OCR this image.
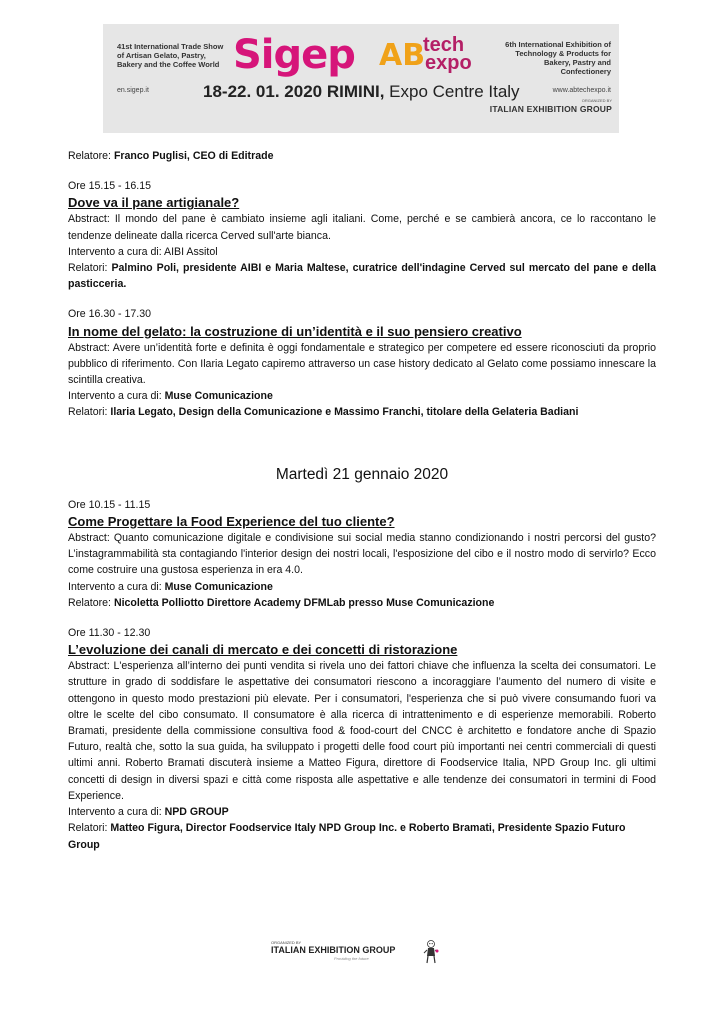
41st International Trade Show of Artisan Gelato, Pastry, Bakery and the Coffee World
en.sigep.it
Sigep AB
tech
expo
18-22. 01. 2020 RIMINI, Expo Centre Italy
6th International Exhibition of Technology & Products for Bakery, Pastry and Confectionery
www.abtechexpo.it
ORGANIZED BY
ITALIAN EXHIBITION GROUP

Relatore: Franco Puglisi, CEO di Editrade

Ore 15.15 - 16.15

Dove va il pane artigianale?

Abstract: Il mondo del pane è cambiato insieme agli italiani. Come, perché e se cambierà ancora, ce lo raccontano le tendenze delineate dalla ricerca Cerved sull'arte bianca.

Intervento a cura di: AIBI Assitol

Relatori: Palmino Poli, presidente AIBI e Maria Maltese, curatrice dell'indagine Cerved sul mercato del pane e della pasticceria.

Ore 16.30 - 17.30

In nome del gelato: la costruzione di un’identità e il suo pensiero creativo

Abstract: Avere un’identità forte e definita è oggi fondamentale e strategico per competere ed essere riconosciuti da proprio pubblico di riferimento. Con Ilaria Legato capiremo attraverso un case history dedicato al Gelato come possiamo innescare la scintilla creativa.

Intervento a cura di: Muse Comunicazione

Relatori: Ilaria Legato, Design della Comunicazione e Massimo Franchi, titolare della Gelateria Badiani

Martedì 21 gennaio 2020

Ore 10.15 - 11.15

Come Progettare la Food Experience del tuo cliente?

Abstract: Quanto comunicazione digitale e condivisione sui social media stanno condizionando i nostri percorsi del gusto? L’instagrammabilità sta contagiando l'interior design dei nostri locali, l'esposizione del cibo e il nostro modo di servirlo? Ecco come costruire una gustosa esperienza in era 4.0.

Intervento a cura di: Muse Comunicazione

Relatore: Nicoletta Polliotto Direttore Academy DFMLab presso Muse Comunicazione

Ore 11.30 - 12.30

L’evoluzione dei canali di mercato e dei concetti di ristorazione

Abstract: L'esperienza all’interno dei punti vendita si rivela uno dei fattori chiave che influenza la scelta dei consumatori. Le strutture in grado di soddisfare le aspettative dei consumatori riescono a incoraggiare l’aumento del numero di visite e ottengono in questo modo prestazioni più elevate. Per i consumatori, l'esperienza che si può vivere consumando fuori va oltre le scelte del cibo consumato. Il consumatore è alla ricerca di intrattenimento e di esperienze memorabili. Roberto Bramati, presidente della commissione consultiva food & food-court del CNCC è architetto e fondatore anche di Spazio Futuro, realtà che, sotto la sua guida, ha sviluppato i progetti delle food court più importanti nei centri commerciali di questi ultimi anni. Roberto Bramati discuterà insieme a Matteo Figura, direttore di Foodservice Italia, NPD Group Inc. gli ultimi concetti di design in diversi spazi e città come risposta alle aspettative e alle tendenze dei consumatori in termini di Food Experience.

Intervento a cura di: NPD GROUP

Relatori: Matteo Figura, Director Foodservice Italy NPD Group Inc. e Roberto Bramati, Presidente Spazio Futuro Group

ORGANIZED BY
ITALIAN EXHIBITION GROUP
Providing the future
